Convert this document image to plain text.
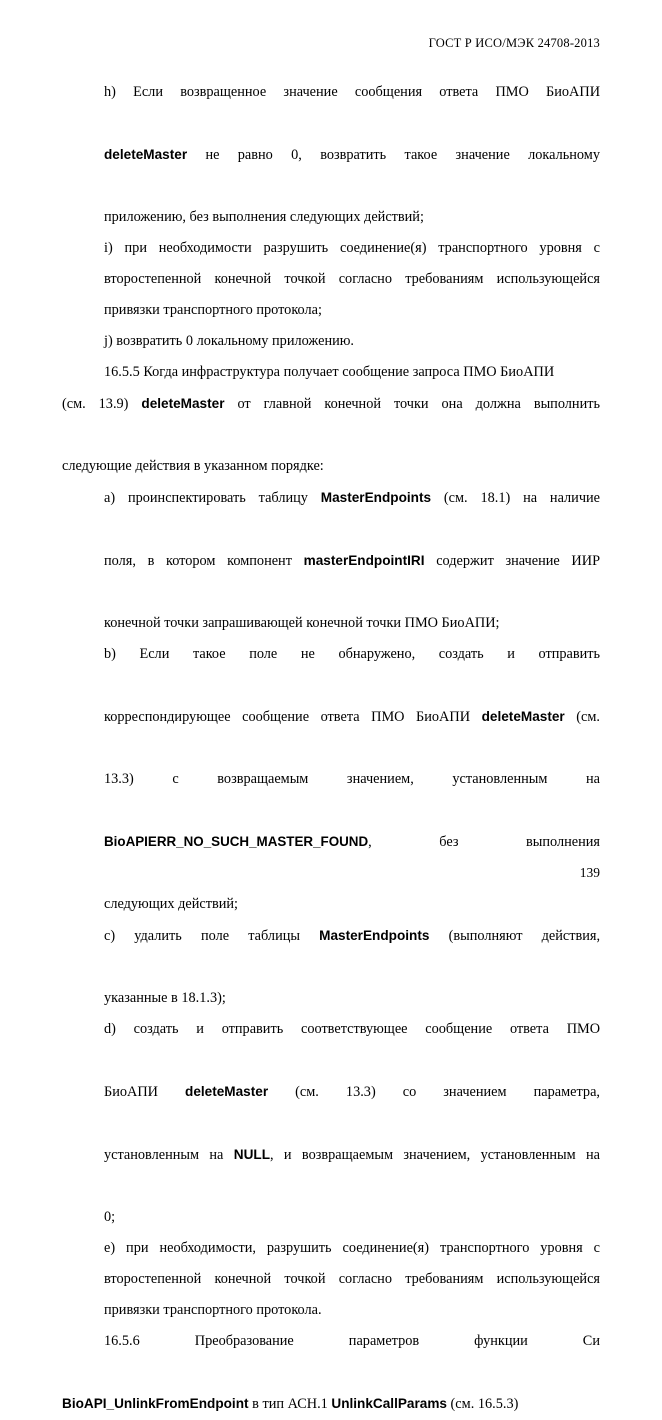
ГОСТ Р ИСО/МЭК 24708-2013

h) Если возвращенное значение сообщения ответа ПМО БиоАПИ
deleteMaster не равно 0, возвратить такое значение локальному
приложению, без выполнения следующих действий;

i) при необходимости разрушить соединение(я) транспортного уровня с второстепенной конечной точкой согласно требованиям использующейся привязки транспортного протокола;

j) возвратить 0 локальному приложению.

16.5.5 Когда инфраструктура получает сообщение запроса ПМО БиоАПИ

(см. 13.9) deleteMaster от главной конечной точки она должна выполнить
следующие действия в указанном порядке:

a) проинспектировать таблицу MasterEndpoints (см. 18.1) на наличие
поля, в котором компонент masterEndpointIRI содержит значение ИИР
конечной точки запрашивающей конечной точки ПМО БиоАПИ;

b) Если такое поле не обнаружено, создать и отправить
корреспондирующее сообщение ответа ПМО БиоАПИ deleteMaster (см.
13.3)	с	возвращаемым	значением,	установленным	на
BioAPIERR_NO_SUCH_MASTER_FOUND,	без	выполнения
следующих действий;

c) удалить поле таблицы MasterEndpoints (выполняют действия,
указанные в 18.1.3);

d) создать и отправить соответствующее сообщение ответа ПМО
БиоАПИ deleteMaster (см. 13.3) со значением параметра,
установленным на NULL, и возвращаемым значением, установленным на
0;

e) при необходимости, разрушить соединение(я) транспортного уровня с второстепенной конечной точкой согласно требованиям использующейся привязки транспортного протокола.

16.5.6	Преобразование	параметров	функции	Си

BioAPI_UnlinkFromEndpoint в тип АСН.1 UnlinkCallParams (см. 16.5.3)

139
